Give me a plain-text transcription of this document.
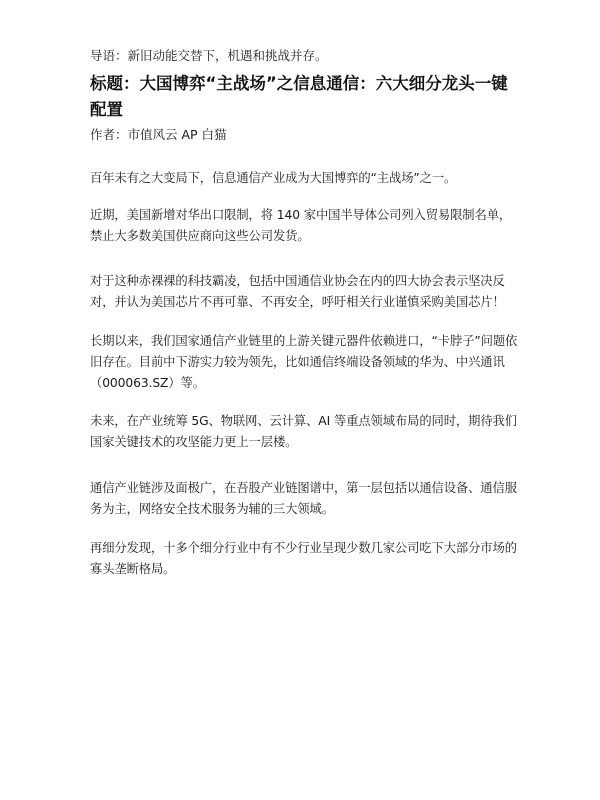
导语：新旧动能交替下，机遇和挑战并存。
标题：大国博弈“主战场”之信息通信：六大细分龙头一键配置
作者：市值风云 AP 白猫

百年未有之大变局下，信息通信产业成为大国博弈的“主战场”之一。

近期，美国新增对华出口限制，将 140 家中国半导体公司列入贸易限制名单，禁止大多数美国供应商向这些公司发货。

对于这种赤裸裸的科技霸凌，包括中国通信业协会在内的四大协会表示坚决反对，并认为美国芯片不再可靠、不再安全，呼吁相关行业谨慎采购美国芯片！

长期以来，我们国家通信产业链里的上游关键元器件依赖进口，“卡脖子”问题依旧存在。目前中下游实力较为领先，比如通信终端设备领域的华为、中兴通讯（000063.SZ）等。

未来，在产业统筹 5G、物联网、云计算、AI 等重点领域布局的同时，期待我们国家关键技术的攻坚能力更上一层楼。

通信产业链涉及面极广，在吾股产业链图谱中，第一层包括以通信设备、通信服务为主，网络安全技术服务为辅的三大领域。

再细分发现，十多个细分行业中有不少行业呈现少数几家公司吃下大部分市场的寡头垄断格局。
